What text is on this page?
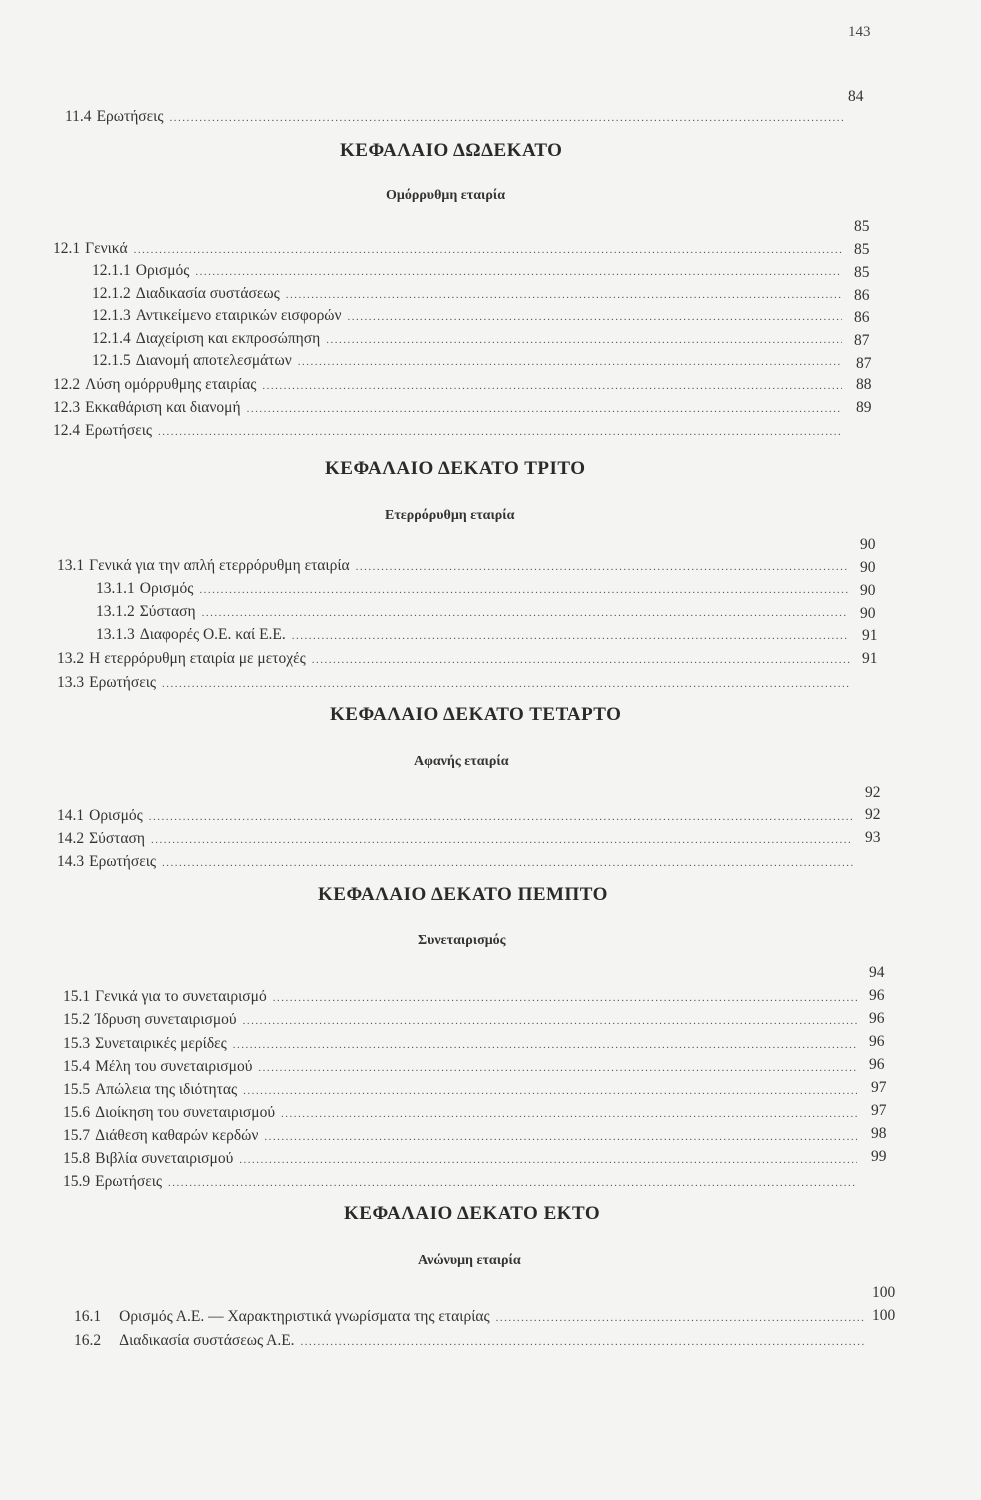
143
11.4 Ερωτήσεις
.....
84
ΚΕΦΑΛΑΙΟ ΔΩΔΕΚΑΤΟ
Ομόρρυθμη εταιρία
12.1 Γενικά
.....
85
12.1.1 Ορισμός
.....
85
12.1.2 Διαδικασία συστάσεως
.....
85
12.1.3 Αντικείμενο εταιρικών εισφορών
.....
86
12.1.4 Διαχείριση και εκπροσώπηση
.....
86
12.1.5 Διανομή αποτελεσμάτων
.....
87
12.2 Λύση ομόρρυθμης εταιρίας
.....
87
12.3 Εκκαθάριση και διανομή
.....
88
12.4 Ερωτήσεις
.....
89
ΚΕΦΑΛΑΙΟ ΔΕΚΑΤΟ ΤΡΙΤΟ
Ετερρόρυθμη εταιρία
13.1 Γενικά για την απλή ετερρόρυθμη εταιρία
.....
90
13.1.1 Ορισμός
.....
90
13.1.2 Σύσταση
.....
90
13.1.3 Διαφορές Ο.Ε. καί Ε.Ε.
.....
90
13.2 Η ετερρόρυθμη εταιρία με μετοχές
.....
91
13.3 Ερωτήσεις
.....
91
ΚΕΦΑΛΑΙΟ ΔΕΚΑΤΟ ΤΕΤΑΡΤΟ
Αφανής εταιρία
14.1 Ορισμός
.....
92
14.2 Σύσταση
.....
92
14.3 Ερωτήσεις
.....
93
ΚΕΦΑΛΑΙΟ ΔΕΚΑΤΟ ΠΕΜΠΤΟ
Συνεταιρισμός
15.1 Γενικά για το συνεταιρισμό
.....
94
15.2 Ίδρυση συνεταιρισμού
.....
96
15.3 Συνεταιρικές μερίδες
.....
96
15.4 Μέλη του συνεταιρισμού
.....
96
15.5 Απώλεια της ιδιότητας
.....
96
15.6 Διοίκηση του συνεταιρισμού
.....
97
15.7 Διάθεση καθαρών κερδών
.....
97
15.8 Βιβλία συνεταιρισμού
.....
98
15.9 Ερωτήσεις
.....
99
ΚΕΦΑΛΑΙΟ ΔΕΚΑΤΟ ΕΚΤΟ
Ανώνυμη εταιρία
16.1 Ορισμός Α.Ε. — Χαρακτηριστικά γνωρίσματα της εταιρίας
.....
100
16.2 Διαδικασία συστάσεως Α.Ε.
.....
100
